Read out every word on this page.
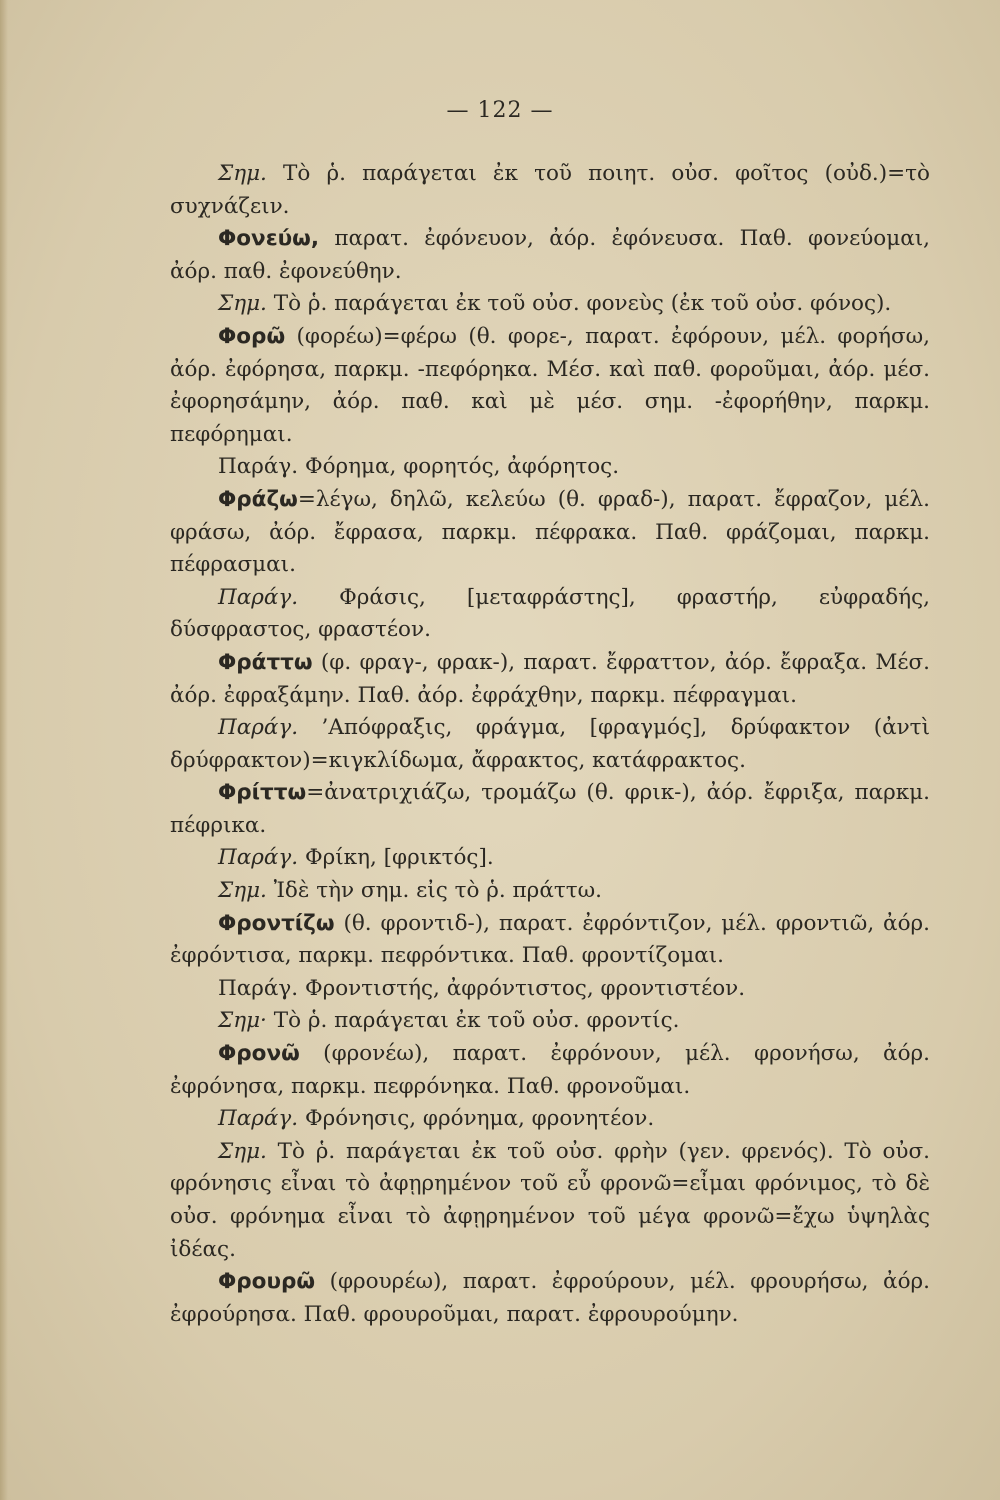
— 122 —

Σημ. Τὸ ῥ. παράγεται ἐκ τοῦ ποιητ. οὐσ. φοῖτος (οὐδ.)=τὸ συχνάζειν.

Φονεύω, παρατ. ἐφόνευον, ἀόρ. ἐφόνευσα. Παθ. φονεύομαι, ἀόρ. παθ. ἐφονεύθην.

Σημ. Τὸ ῥ. παράγεται ἐκ τοῦ οὐσ. φονεὺς (ἐκ τοῦ οὐσ. φόνος).

Φορῶ (φορέω)=φέρω (θ. φορε-, παρατ. ἐφόρουν, μέλ. φορήσω, ἀόρ. ἐφόρησα, παρκμ. -πεφόρηκα. Μέσ. καὶ παθ. φοροῦμαι, ἀόρ. μέσ. ἐφορησάμην, ἀόρ. παθ. καὶ μὲ μέσ. σημ. -ἐφορήθην, παρκμ. πεφόρημαι.

Παράγ. Φόρημα, φορητός, ἀφόρητος.

Φράζω=λέγω, δηλῶ, κελεύω (θ. φραδ-), παρατ. ἔφραζον, μέλ. φράσω, ἀόρ. ἔφρασα, παρκμ. πέφρακα. Παθ. φράζομαι, παρκμ. πέφρασμαι.

Παράγ. Φράσις, [μεταφράστης], φραστήρ, εὐφραδής, δύσφραστος, φραστέον.

Φράττω (φ. φραγ-, φρακ-), παρατ. ἔφραττον, ἀόρ. ἔφραξα. Μέσ. ἀόρ. ἐφραξάμην. Παθ. ἀόρ. ἐφράχθην, παρκμ. πέφραγμαι.

Παράγ. ’Απόφραξις, φράγμα, [φραγμός], δρύφακτον (ἀντὶ δρύφρακτον)=κιγκλίδωμα, ἄφρακτος, κατάφρακτος.

Φρίττω=ἀνατριχιάζω, τρομάζω (θ. φρικ-), ἀόρ. ἔφριξα, παρκμ. πέφρικα.

Παράγ. Φρίκη, [φρικτός].

Σημ. Ἰδὲ τὴν σημ. εἰς τὸ ῥ. πράττω.

Φροντίζω (θ. φροντιδ-), παρατ. ἐφρόντιζον, μέλ. φροντιῶ, ἀόρ. ἐφρόντισα, παρκμ. πεφρόντικα. Παθ. φροντίζομαι.

Παράγ. Φροντιστής, ἀφρόντιστος, φροντιστέον.

Σημ· Τὸ ῥ. παράγεται ἐκ τοῦ οὐσ. φροντίς.

Φρονῶ (φρονέω), παρατ. ἐφρόνουν, μέλ. φρονήσω, ἀόρ. ἐφρόνησα, παρκμ. πεφρόνηκα. Παθ. φρονοῦμαι.

Παράγ. Φρόνησις, φρόνημα, φρονητέον.

Σημ. Τὸ ῥ. παράγεται ἐκ τοῦ οὐσ. φρὴν (γεν. φρενός). Τὸ οὐσ. φρόνησις εἶναι τὸ ἀφῃρημένον τοῦ εὖ φρονῶ=εἶμαι φρόνιμος, τὸ δὲ οὐσ. φρόνημα εἶναι τὸ ἀφῃρημένον τοῦ μέγα φρονῶ=ἔχω ὑψηλὰς ἰδέας.

Φρουρῶ (φρουρέω), παρατ. ἐφρούρουν, μέλ. φρουρήσω, ἀόρ. ἐφρούρησα. Παθ. φρουροῦμαι, παρατ. ἐφρουρούμην.
